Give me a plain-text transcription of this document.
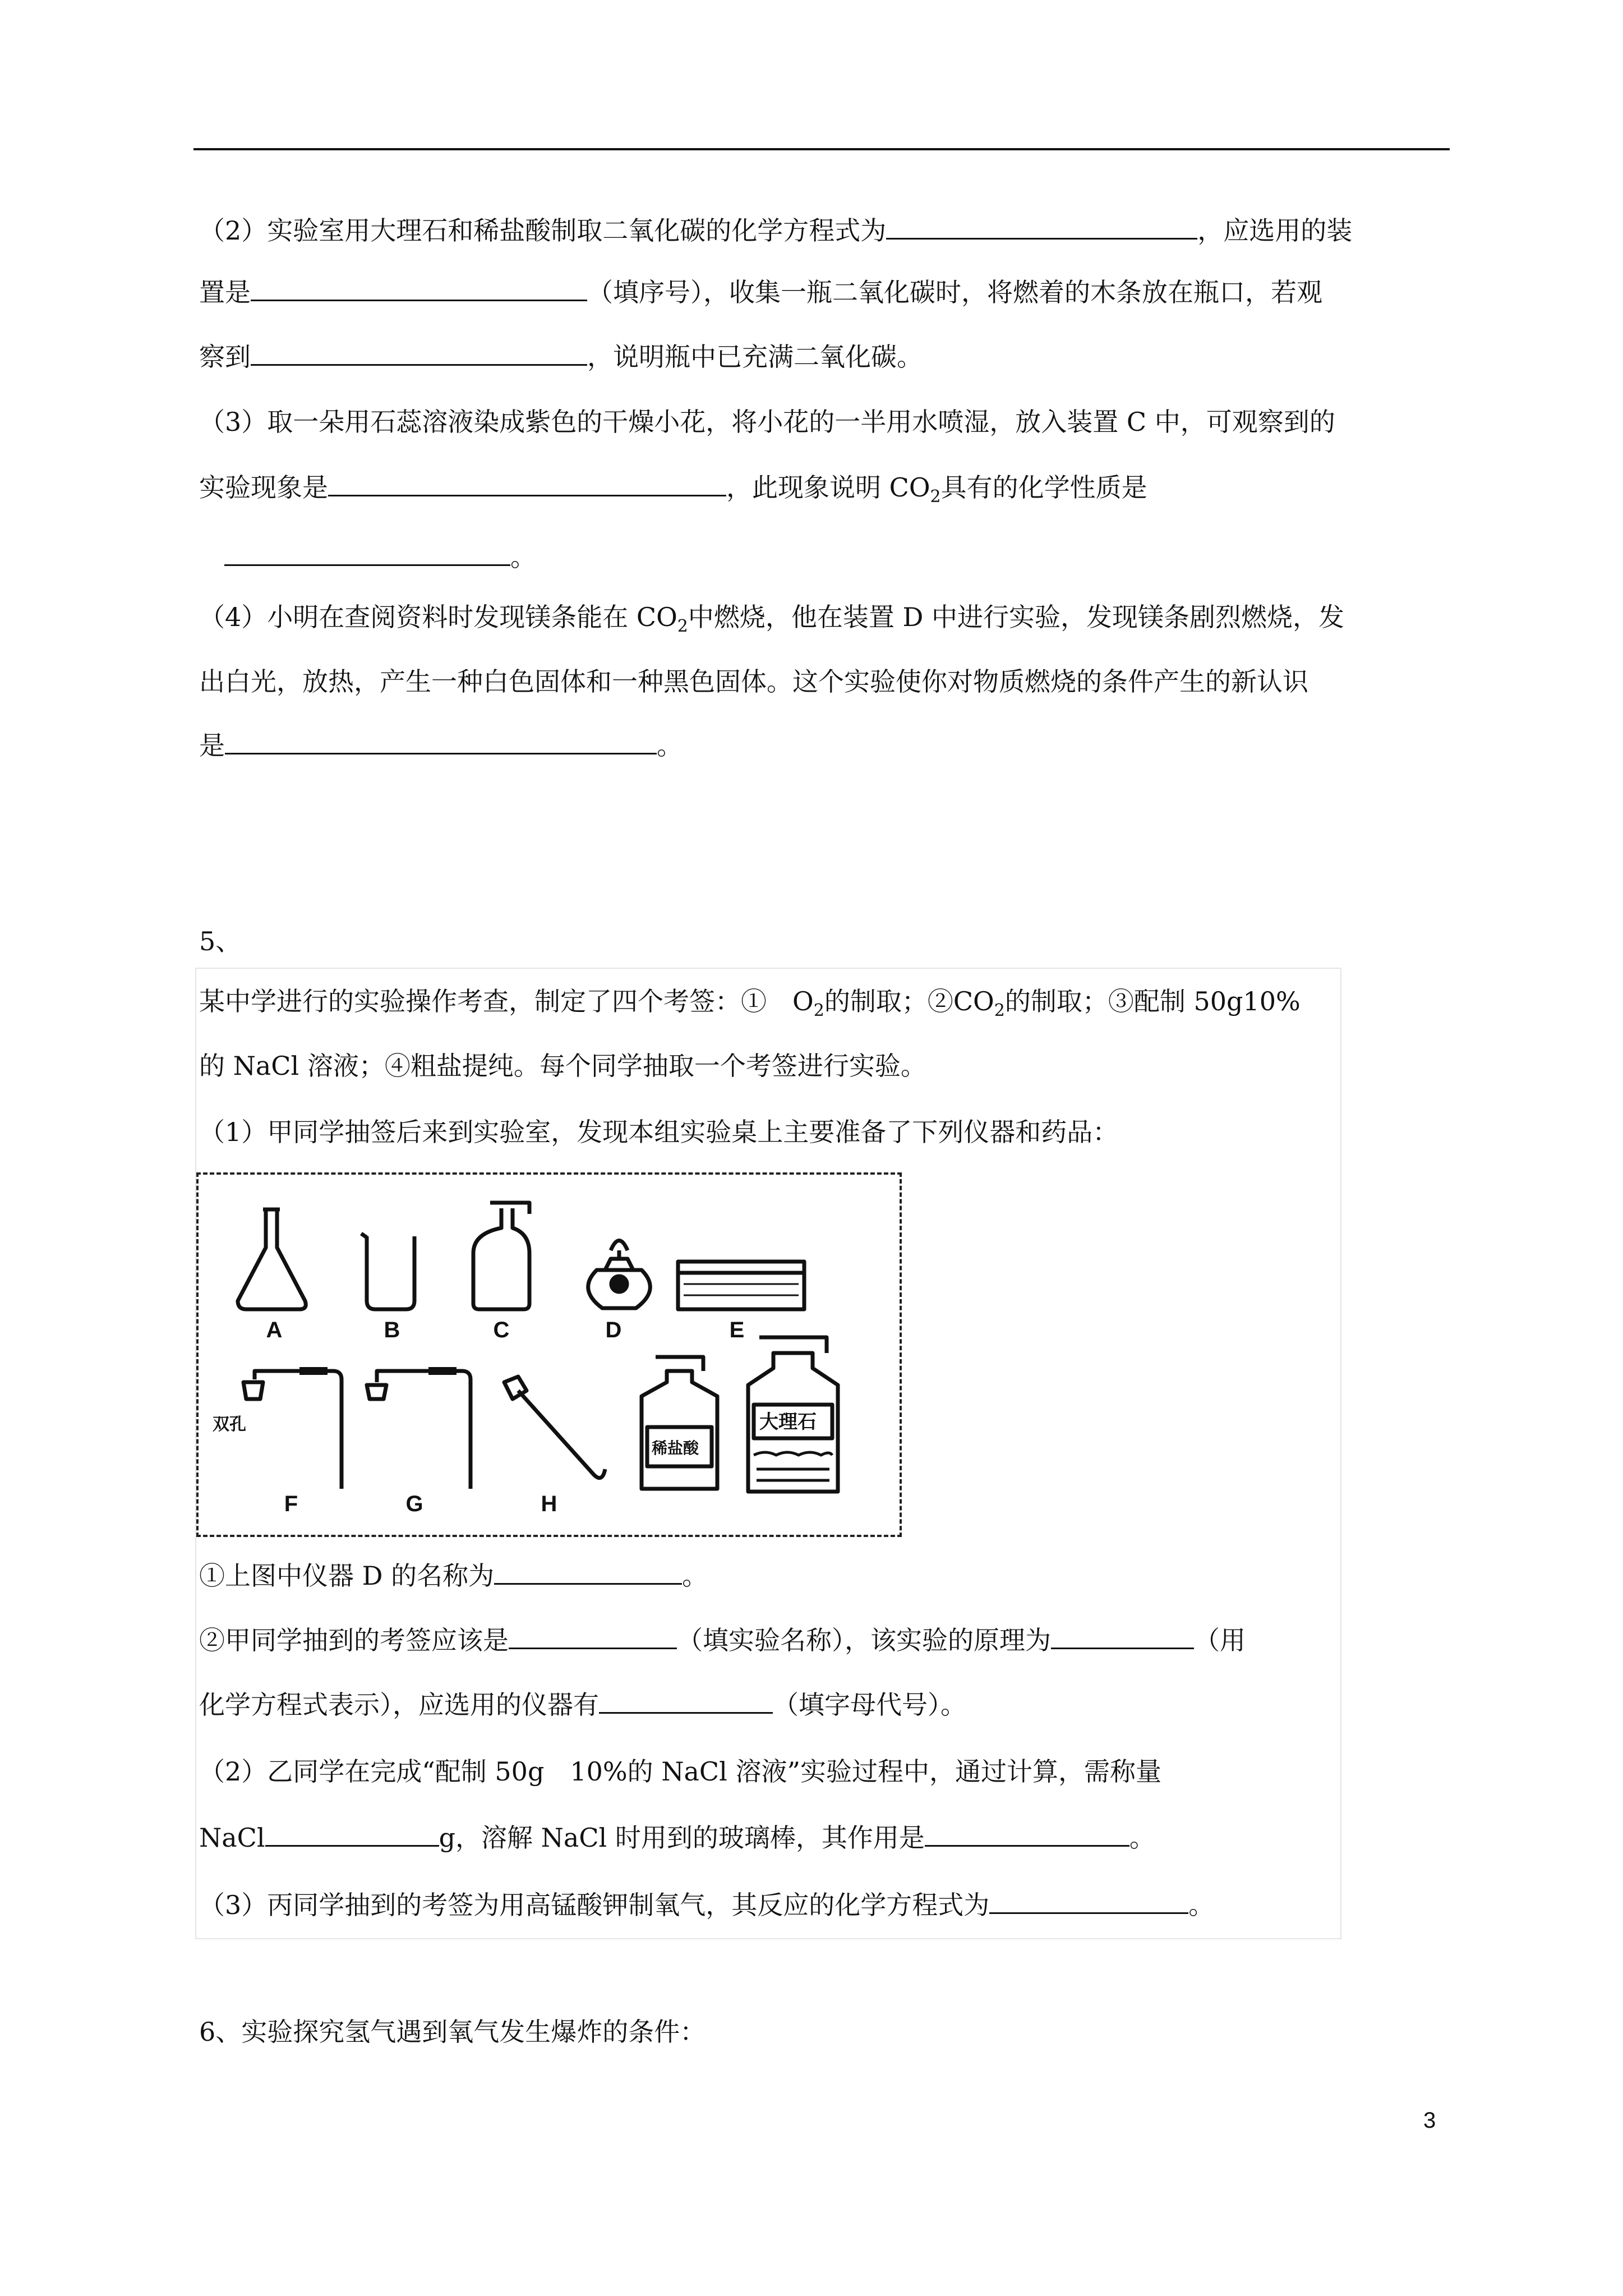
（2）实验室用大理石和稀盐酸制取二氧化碳的化学方程式为	，应选用的装
置是	（填序号），收集一瓶二氧化碳时，将燃着的木条放在瓶口，若观
察到	，说明瓶中已充满二氧化碳。
（3）取一朵用石蕊溶液染成紫色的干燥小花，将小花的一半用水喷湿，放入装置 C 中，可观察到的
实验现象是	，此现象说明 $CO_2$具有的化学性质是
。
（4）小明在查阅资料时发现镁条能在 $CO_2$中燃烧，他在装置 D 中进行实验，发现镁条剧烈燃烧，发
出白光，放热，产生一种白色固体和一种黑色固体。这个实验使你对物质燃烧的条件产生的新认识
是	。
5、
某中学进行的实验操作考查，制定了四个考签：①　$O_2$的制取；$②CO_2$的制取；③配制 50g10%
的 NaCl 溶液；④粗盐提纯。每个同学抽取一个考签进行实验。
（1）甲同学抽签后来到实验室，发现本组实验桌上主要准备了下列仪器和药品：
A	B	C	D	E
F	G	H
双孔
稀盐酸
大理石
①上图中仪器 D 的名称为	。
②甲同学抽到的考签应该是	（填实验名称），该实验的原理为	（用
化学方程式表示），应选用的仪器有	（填字母代号）。
（2）乙同学在完成“配制 50g　10%的 NaCl 溶液”实验过程中，通过计算，需称量
NaCl	g，溶解 NaCl 时用到的玻璃棒，其作用是	。
（3）丙同学抽到的考签为用高锰酸钾制氧气，其反应的化学方程式为	。
6、实验探究氢气遇到氧气发生爆炸的条件：
3
